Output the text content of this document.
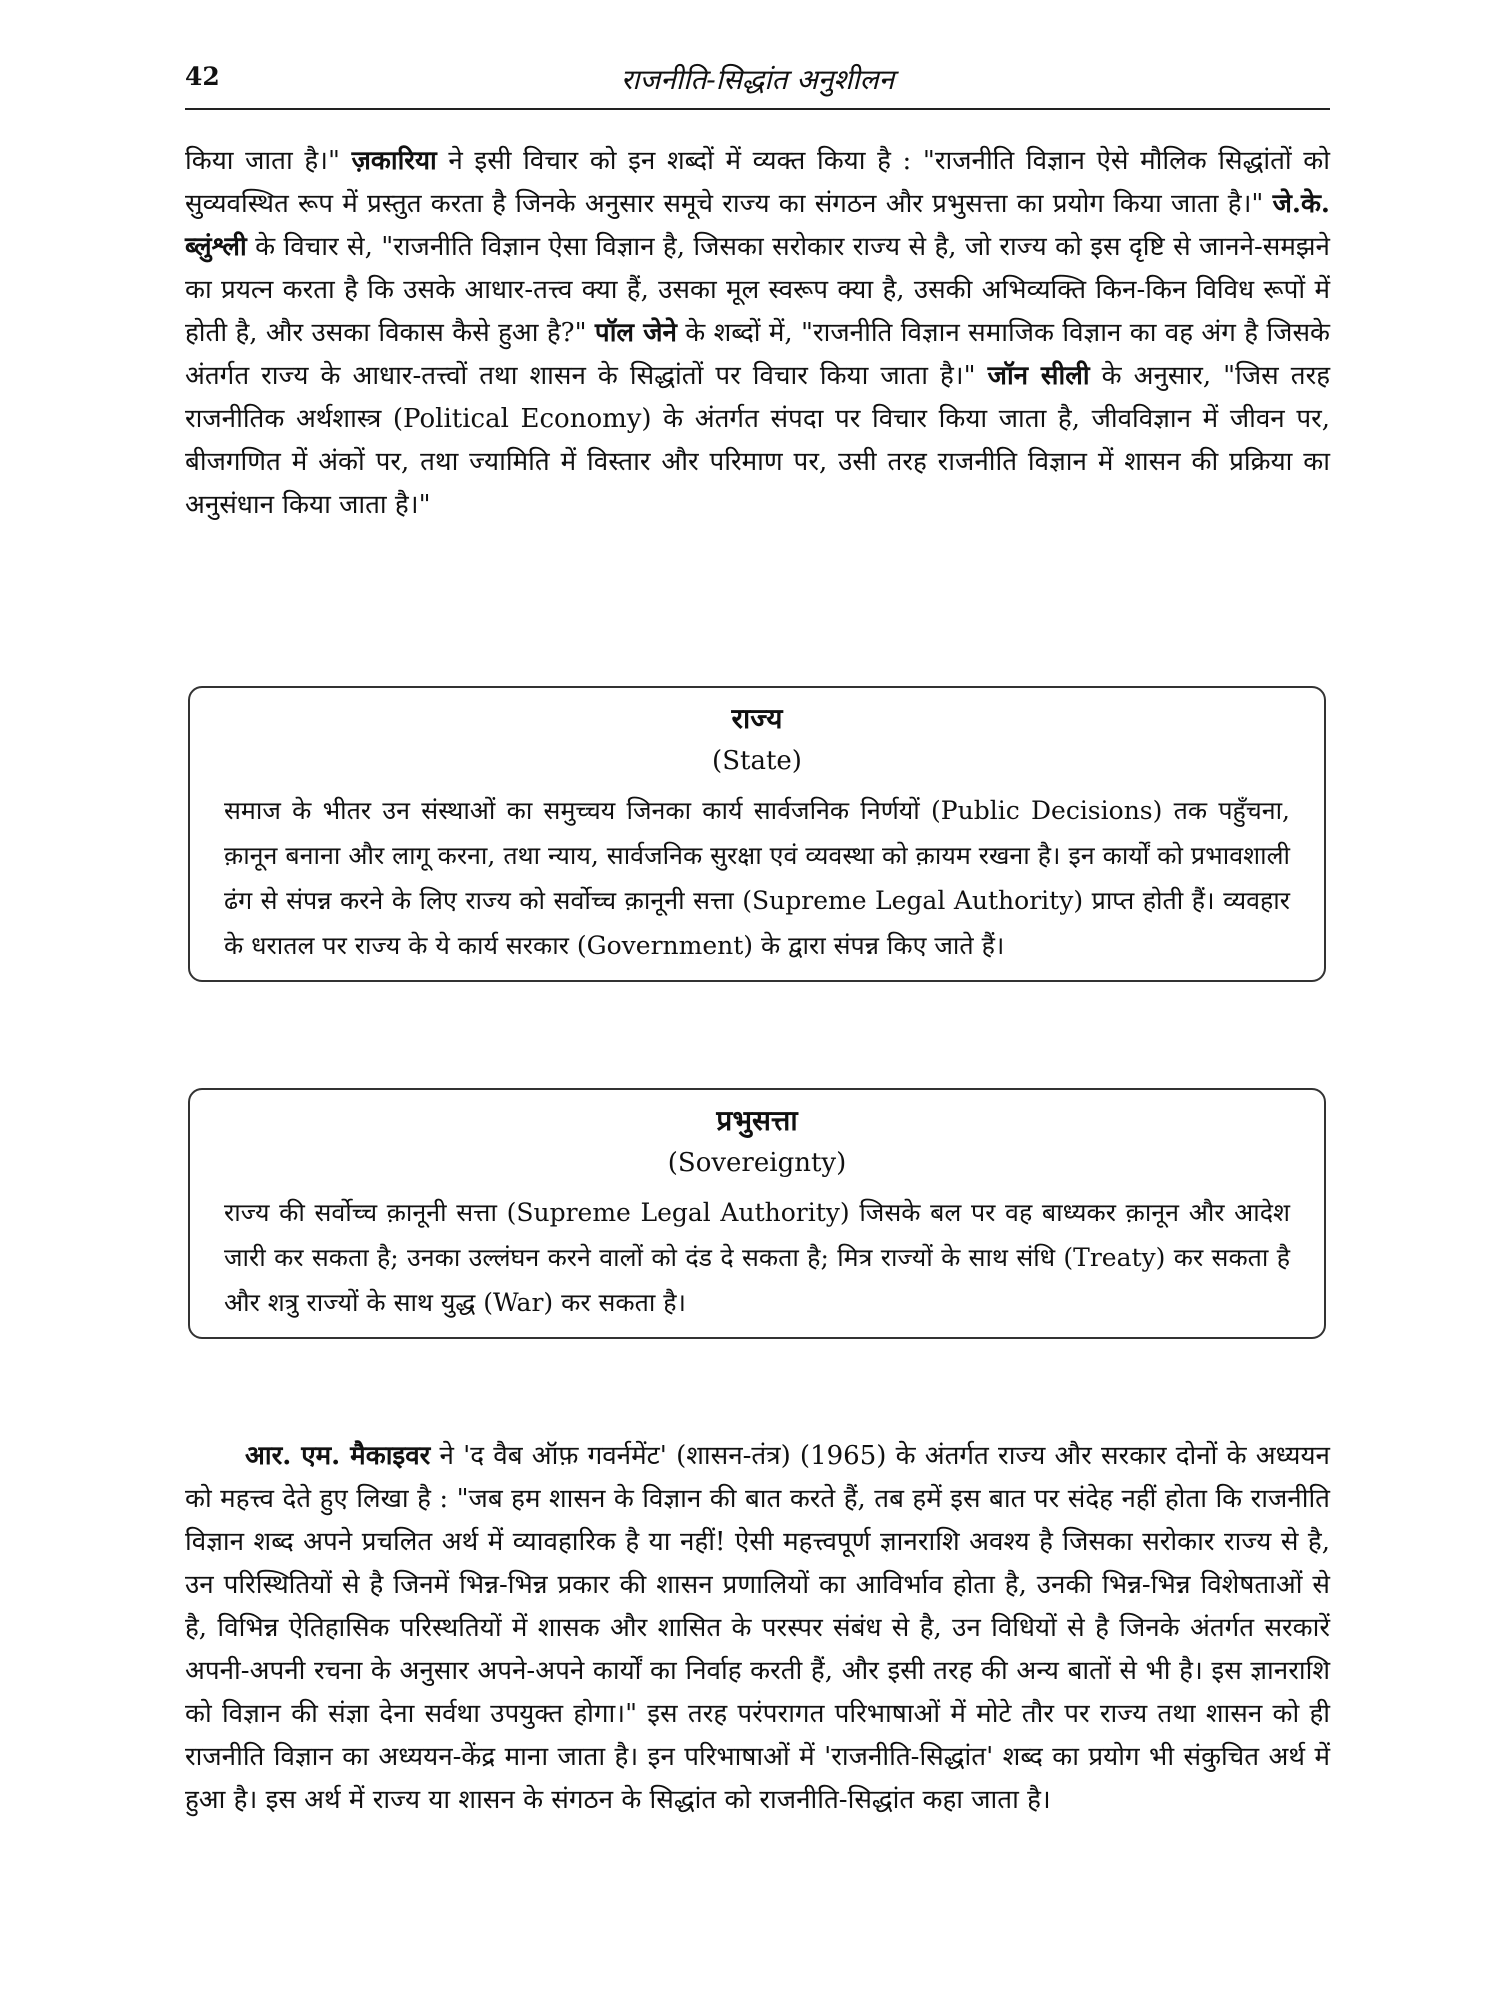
42	राजनीति-सिद्धांत अनुशीलन

किया जाता है।" ज़कारिया ने इसी विचार को इन शब्दों में व्यक्त किया है : "राजनीति विज्ञान ऐसे मौलिक सिद्धांतों को सुव्यवस्थित रूप में प्रस्तुत करता है जिनके अनुसार समूचे राज्य का संगठन और प्रभुसत्ता का प्रयोग किया जाता है।" जे.के. ब्लुंश्ली के विचार से, "राजनीति विज्ञान ऐसा विज्ञान है, जिसका सरोकार राज्य से है, जो राज्य को इस दृष्टि से जानने-समझने का प्रयत्न करता है कि उसके आधार-तत्त्व क्या हैं, उसका मूल स्वरूप क्या है, उसकी अभिव्यक्ति किन-किन विविध रूपों में होती है, और उसका विकास कैसे हुआ है?" पॉल जेने के शब्दों में, "राजनीति विज्ञान समाजिक विज्ञान का वह अंग है जिसके अंतर्गत राज्य के आधार-तत्त्वों तथा शासन के सिद्धांतों पर विचार किया जाता है।" जॉन सीली के अनुसार, "जिस तरह राजनीतिक अर्थशास्त्र (Political Economy) के अंतर्गत संपदा पर विचार किया जाता है, जीवविज्ञान में जीवन पर, बीजगणित में अंकों पर, तथा ज्यामिति में विस्तार और परिमाण पर, उसी तरह राजनीति विज्ञान में शासन की प्रक्रिया का अनुसंधान किया जाता है।"

राज्य
(State)
समाज के भीतर उन संस्थाओं का समुच्चय जिनका कार्य सार्वजनिक निर्णयों (Public Decisions) तक पहुँचना, क़ानून बनाना और लागू करना, तथा न्याय, सार्वजनिक सुरक्षा एवं व्यवस्था को क़ायम रखना है। इन कार्यों को प्रभावशाली ढंग से संपन्न करने के लिए राज्य को सर्वोच्च क़ानूनी सत्ता (Supreme Legal Authority) प्राप्त होती हैं। व्यवहार के धरातल पर राज्य के ये कार्य सरकार (Government) के द्वारा संपन्न किए जाते हैं।
प्रभुसत्ता
(Sovereignty)
राज्य की सर्वोच्च क़ानूनी सत्ता (Supreme Legal Authority) जिसके बल पर वह बाध्यकर क़ानून और आदेश जारी कर सकता है; उनका उल्लंघन करने वालों को दंड दे सकता है; मित्र राज्यों के साथ संधि (Treaty) कर सकता है और शत्रु राज्यों के साथ युद्ध (War) कर सकता है।

आर. एम. मैकाइवर ने 'द वैब ऑफ़ गवर्नमेंट' (शासन-तंत्र) (1965) के अंतर्गत राज्य और सरकार दोनों के अध्ययन को महत्त्व देते हुए लिखा है : "जब हम शासन के विज्ञान की बात करते हैं, तब हमें इस बात पर संदेह नहीं होता कि राजनीति विज्ञान शब्द अपने प्रचलित अर्थ में व्यावहारिक है या नहीं! ऐसी महत्त्वपूर्ण ज्ञानराशि अवश्य है जिसका सरोकार राज्य से है, उन परिस्थितियों से है जिनमें भिन्न-भिन्न प्रकार की शासन प्रणालियों का आविर्भाव होता है, उनकी भिन्न-भिन्न विशेषताओं से है, विभिन्न ऐतिहासिक परिस्थतियों में शासक और शासित के परस्पर संबंध से है, उन विधियों से है जिनके अंतर्गत सरकारें अपनी-अपनी रचना के अनुसार अपने-अपने कार्यों का निर्वाह करती हैं, और इसी तरह की अन्य बातों से भी है। इस ज्ञानराशि को विज्ञान की संज्ञा देना सर्वथा उपयुक्त होगा।" इस तरह परंपरागत परिभाषाओं में मोटे तौर पर राज्य तथा शासन को ही राजनीति विज्ञान का अध्ययन-केंद्र माना जाता है। इन परिभाषाओं में 'राजनीति-सिद्धांत' शब्द का प्रयोग भी संकुचित अर्थ में हुआ है। इस अर्थ में राज्य या शासन के संगठन के सिद्धांत को राजनीति-सिद्धांत कहा जाता है।
